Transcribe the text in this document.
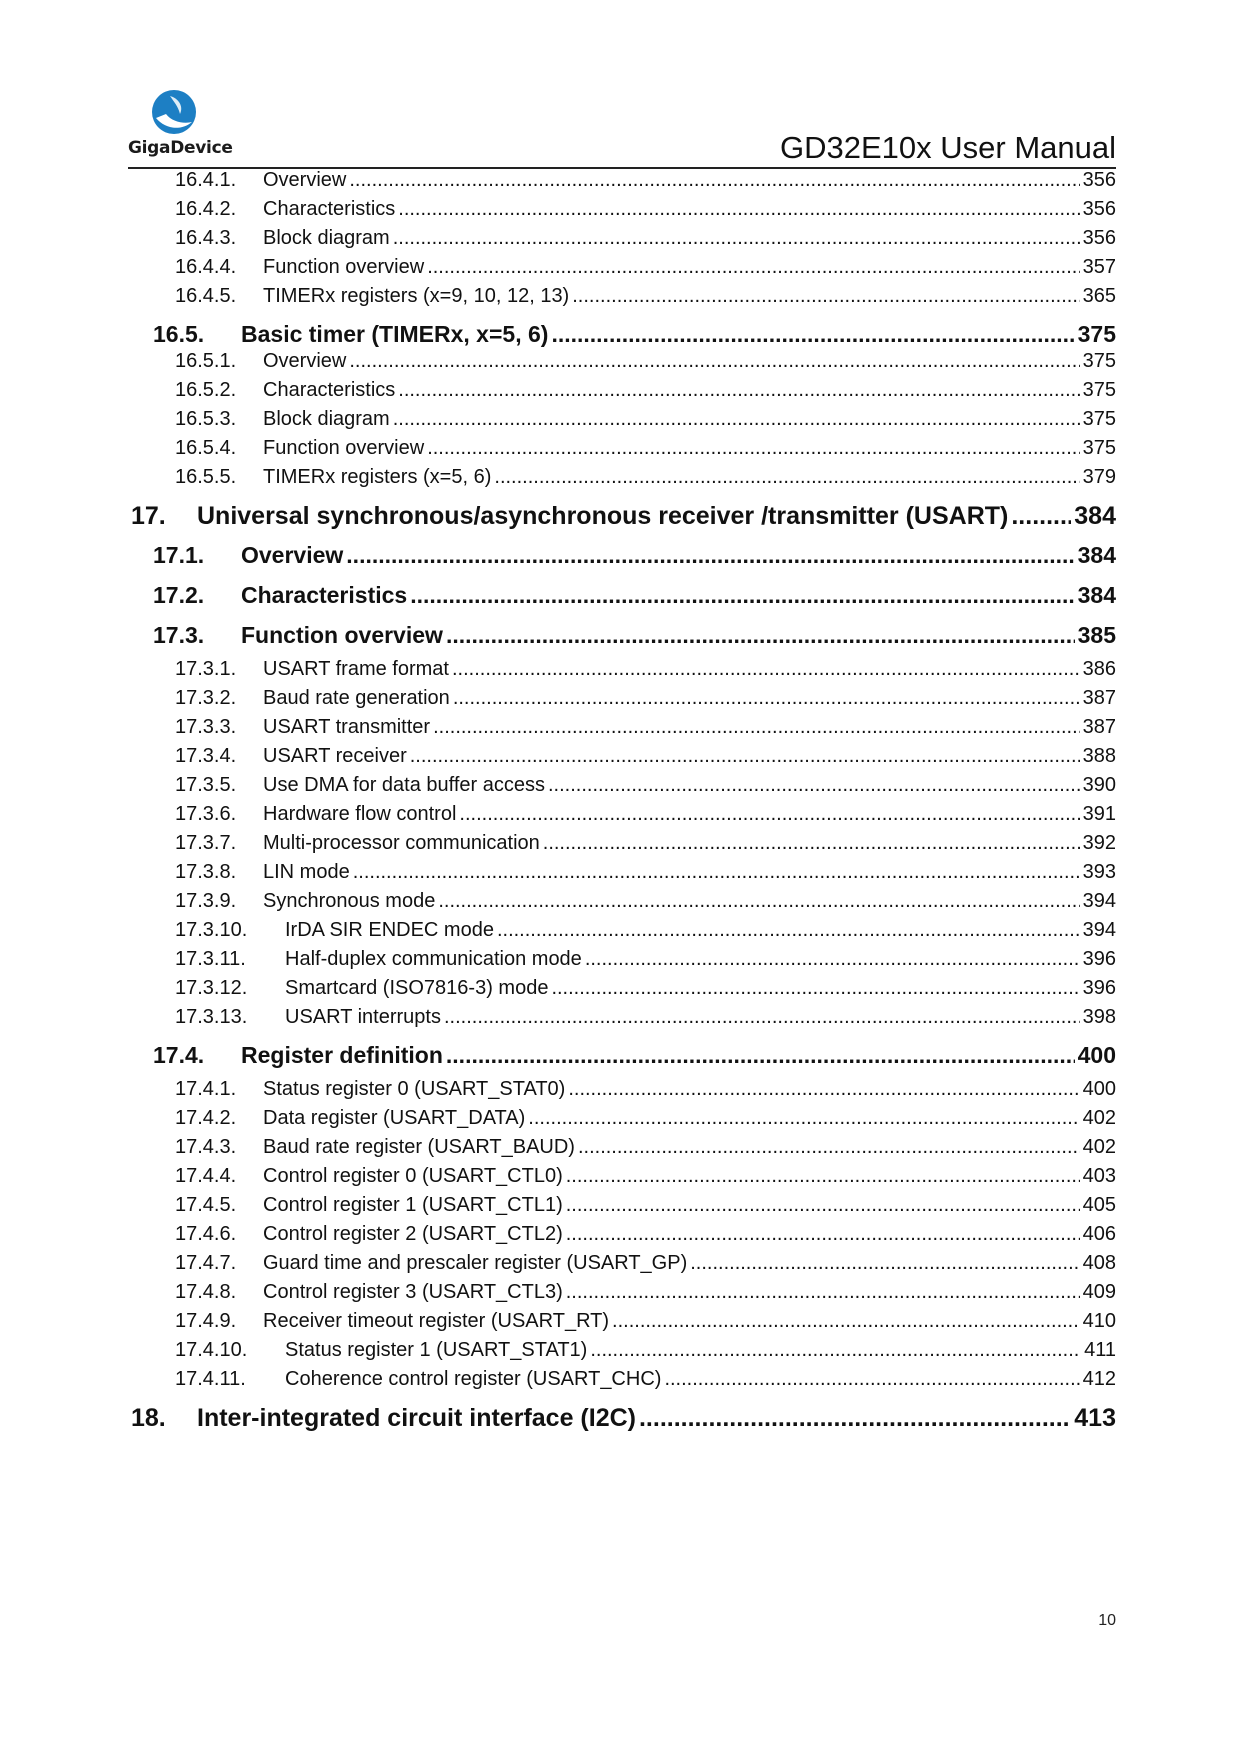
GigaDevice	GD32E10x User Manual
16.4.1.	Overview .....	356
16.4.2.	Characteristics .....	356
16.4.3.	Block diagram .....	356
16.4.4.	Function overview .....	357
16.4.5.	TIMERx registers (x=9, 10, 12, 13) .....	365
16.5.	Basic timer (TIMERx, x=5, 6) .....	375
16.5.1.	Overview .....	375
16.5.2.	Characteristics .....	375
16.5.3.	Block diagram .....	375
16.5.4.	Function overview .....	375
16.5.5.	TIMERx registers (x=5, 6) .....	379
17.	Universal synchronous/asynchronous receiver /transmitter (USART) .....	384
17.1.	Overview .....	384
17.2.	Characteristics .....	384
17.3.	Function overview .....	385
17.3.1.	USART frame format .....	386
17.3.2.	Baud rate generation .....	387
17.3.3.	USART transmitter .....	387
17.3.4.	USART receiver .....	388
17.3.5.	Use DMA for data buffer access .....	390
17.3.6.	Hardware flow control .....	391
17.3.7.	Multi-processor communication .....	392
17.3.8.	LIN mode .....	393
17.3.9.	Synchronous mode .....	394
17.3.10.	IrDA SIR ENDEC mode .....	394
17.3.11.	Half-duplex communication mode .....	396
17.3.12.	Smartcard (ISO7816-3) mode .....	396
17.3.13.	USART interrupts .....	398
17.4.	Register definition .....	400
17.4.1.	Status register 0 (USART_STAT0) .....	400
17.4.2.	Data register (USART_DATA) .....	402
17.4.3.	Baud rate register (USART_BAUD) .....	402
17.4.4.	Control register 0 (USART_CTL0) .....	403
17.4.5.	Control register 1 (USART_CTL1) .....	405
17.4.6.	Control register 2 (USART_CTL2) .....	406
17.4.7.	Guard time and prescaler register (USART_GP) .....	408
17.4.8.	Control register 3 (USART_CTL3) .....	409
17.4.9.	Receiver timeout register (USART_RT) .....	410
17.4.10.	Status register 1 (USART_STAT1) .....	411
17.4.11.	Coherence control register (USART_CHC) .....	412
18.	Inter-integrated circuit interface (I2C) .....	413
10
